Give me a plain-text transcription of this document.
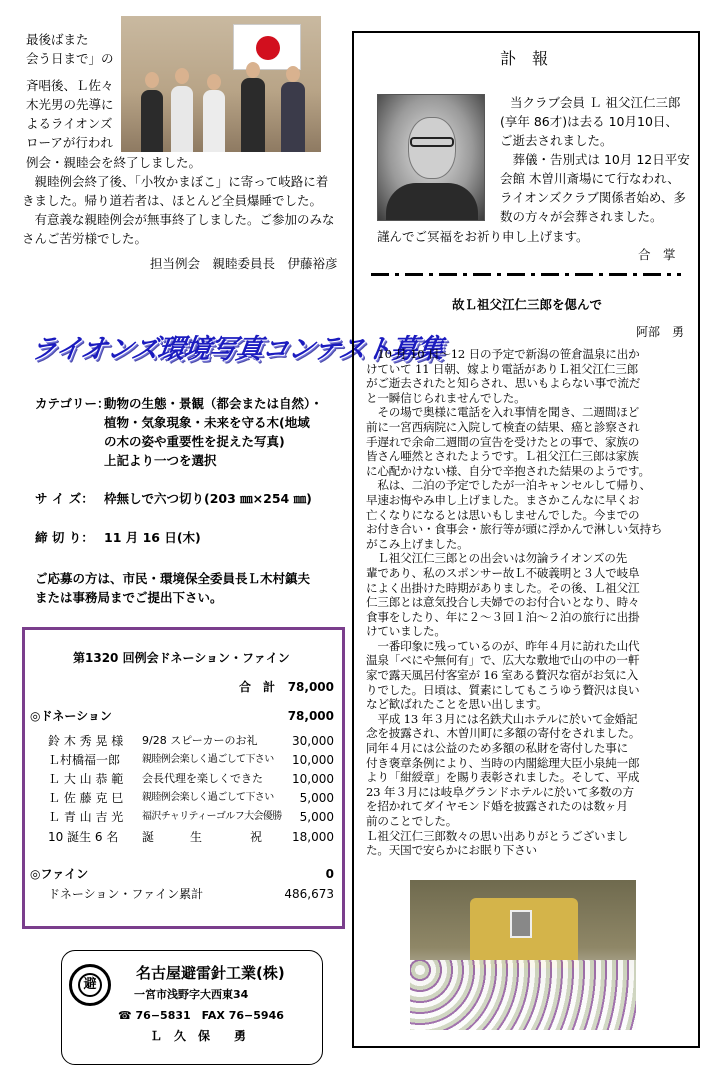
最後ばまた
会う日まで」の
斉唱後、Ｌ佐々
木光男の先導に
よるライオンズ
ローアが行われ
例会・親睦会を終了しました。
　親睦例会終了後、「小牧かまぼこ」に寄って岐路に着
きました。帰り道若者は、ほとんど全員爆睡でした。
　有意義な親睦例会が無事終了しました。ご参加のみな
さんご苦労様でした。
担当例会　親睦委員長　伊藤裕彦
ライオンズ環境写真コンテスト募集
カテゴリー：
動物の生態・景観（都会または自然）・
植物・気象現象・未来を守る木(地域
の木の姿や重要性を捉えた写真)
上記より一つを選択
サ イ ズ： 枠無しで六つ切り(203 ㎜×254 ㎜)
締 切 り： 11 月 16 日(木)
ご応募の方は、市民・環境保全委員長Ｌ木村鎮夫
または事務局までご提出下さい。
第1320 回例会ドネーション・ファイン
合　計	78,000
◎ドネーション	78,000
鈴 木 秀 晃 様 9/28 スピーカーのお礼	30,000
Ｌ村橋福一郎 親睦例会楽しく過ごして下さい	10,000
Ｌ 大 山 恭 範 会長代理を楽しくできた	10,000
Ｌ 佐 藤 克 巳 親睦例会楽しく過ごして下さい	5,000
Ｌ 青 山 吉 光 福沢チャリティーゴルフ大会優勝	5,000
10 誕生 6 名 誕　　　生　　　　祝	18,000
◎ファイン	0
ドネーション・ファイン累計	486,673
避
名古屋避雷針工業(株)
一宮市浅野字大西東34
☎ 76−5831　FAX 76−5946
Ｌ　久　保　　勇
訃　報
当クラブ会員 Ｌ 祖父江仁三郎
(享年 86才)は去る 10月10日、
ご逝去されました。
　葬儀・告別式は 10月 12日平安
会館 木曽川斎場にて行なわれ、
ライオンズクラブ関係者始め、多
数の方々が会葬されました。
謹んでご冥福をお祈り申し上げます。
合　掌
故Ｌ祖父江仁三郎を偲んで
阿部　勇
　10 月 10 日〜12 日の予定で新潟の笹倉温泉に出か
けていて 11 日朝、嫁より電話がありＬ祖父江仁三郎
がご逝去されたと知らされ、思いもよらない事で流だ
と一瞬信じられませんでした。
　その場で奥様に電話を入れ事情を聞き、二週間ほど
前に一宮西病院に入院して検査の結果、癌と診察され
手遅れで余命二週間の宣告を受けたとの事で、家族の
皆さん唖然とされたようです。Ｌ祖父江仁三郎は家族
に心配かけない様、自分で辛抱された結果のようです。
　私は、二泊の予定でしたが一泊キャンセルして帰り、
早速お悔やみ申し上げました。まさかこんなに早くお
亡くなりになるとは思いもしませんでした。今までの
お付き合い・食事会・旅行等が頭に浮かんで淋しい気持ち
がこみ上げました。
　Ｌ祖父江仁三郎との出会いは勿論ライオンズの先
輩であり、私のスポンサー故Ｌ不破義明と３人で岐阜
によく出掛けた時期がありました。その後、Ｌ祖父江
仁三郎とは意気投合し夫婦でのお付合いとなり、時々
食事をしたり、年に２〜３回１泊〜２泊の旅行に出掛
けていました。
　一番印象に残っているのが、昨年４月に訪れた山代
温泉「べにや無何有」で、広大な敷地で山の中の一軒
家で露天風呂付客室が 16 室ある贅沢な宿がお気に入
りでした。日頃は、質素にしてもこうゆう贅沢は良い
など歓ばれたことを思い出します。
　平成 13 年３月には名鉄犬山ホテルに於いて金婚記
念を披露され、木曽川町に多額の寄付をされました。
同年４月には公益のため多額の私財を寄付した事に
付き褒章条例により、当時の内閣総理大臣小泉純一郎
より「紺綬章」を賜り表彰されました。そして、平成
23 年３月には岐阜グランドホテルに於いて多数の方
を招かれてダイヤモンド婚を披露されたのは数ヶ月
前のことでした。
Ｌ祖父江仁三郎数々の思い出ありがとうございまし
た。天国で安らかにお眠り下さい
